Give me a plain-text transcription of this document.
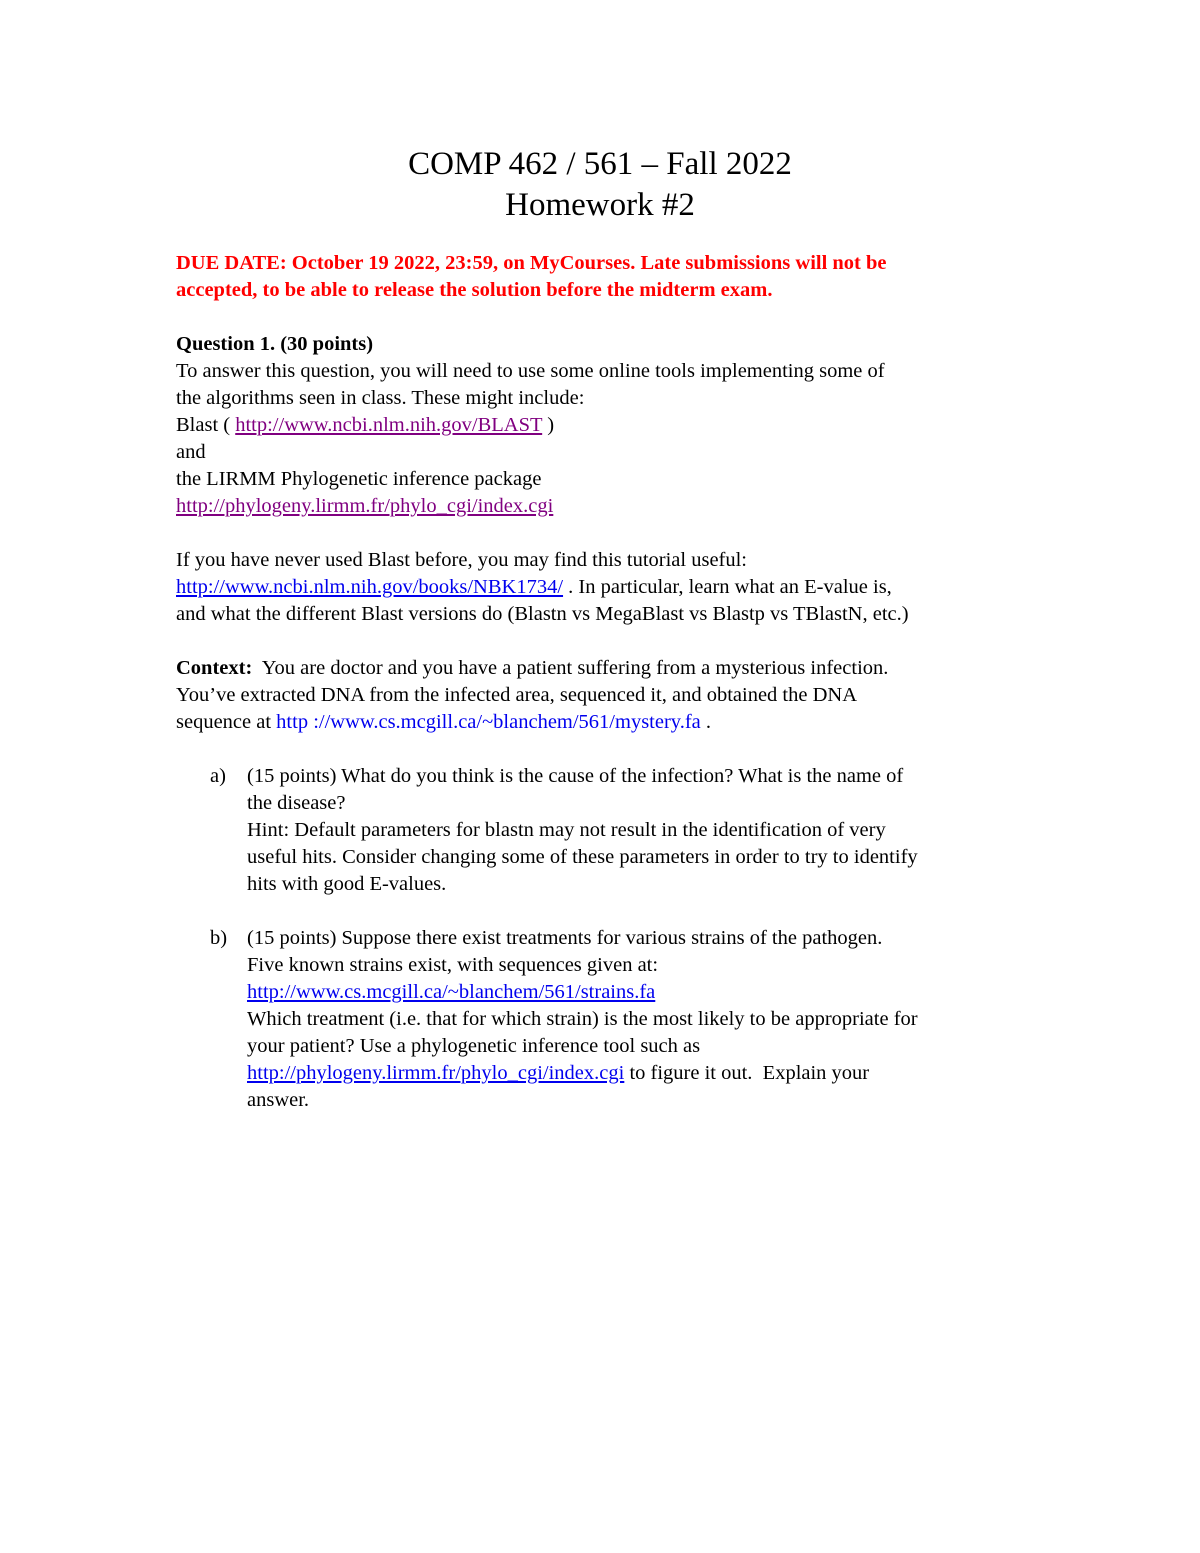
COMP 462 / 561 – Fall 2022
Homework #2
DUE DATE: October 19 2022, 23:59, on MyCourses. Late submissions will not be
accepted, to be able to release the solution before the midterm exam.

Question 1. (30 points)

To answer this question, you will need to use some online tools implementing some of

the algorithms seen in class. These might include:

Blast ( http://www.ncbi.nlm.nih.gov/BLAST )

and

the LIRMM Phylogenetic inference package

http://phylogeny.lirmm.fr/phylo_cgi/index.cgi

If you have never used Blast before, you may find this tutorial useful:

http://www.ncbi.nlm.nih.gov/books/NBK1734/ . In particular, learn what an E-value is,

and what the different Blast versions do (Blastn vs MegaBlast vs Blastp vs TBlastN, etc.)

Context:  You are doctor and you have a patient suffering from a mysterious infection.

You’ve extracted DNA from the infected area, sequenced it, and obtained the DNA

sequence at http ://www.cs.mcgill.ca/~blanchem/561/mystery.fa .

a) (15 points) What do you think is the cause of the infection? What is the name of
the disease?
Hint: Default parameters for blastn may not result in the identification of very
useful hits. Consider changing some of these parameters in order to try to identify
hits with good E-values.
b) (15 points) Suppose there exist treatments for various strains of the pathogen.
Five known strains exist, with sequences given at:
http://www.cs.mcgill.ca/~blanchem/561/strains.fa
Which treatment (i.e. that for which strain) is the most likely to be appropriate for
your patient? Use a phylogenetic inference tool such as
http://phylogeny.lirmm.fr/phylo_cgi/index.cgi to figure it out.  Explain your
answer.
